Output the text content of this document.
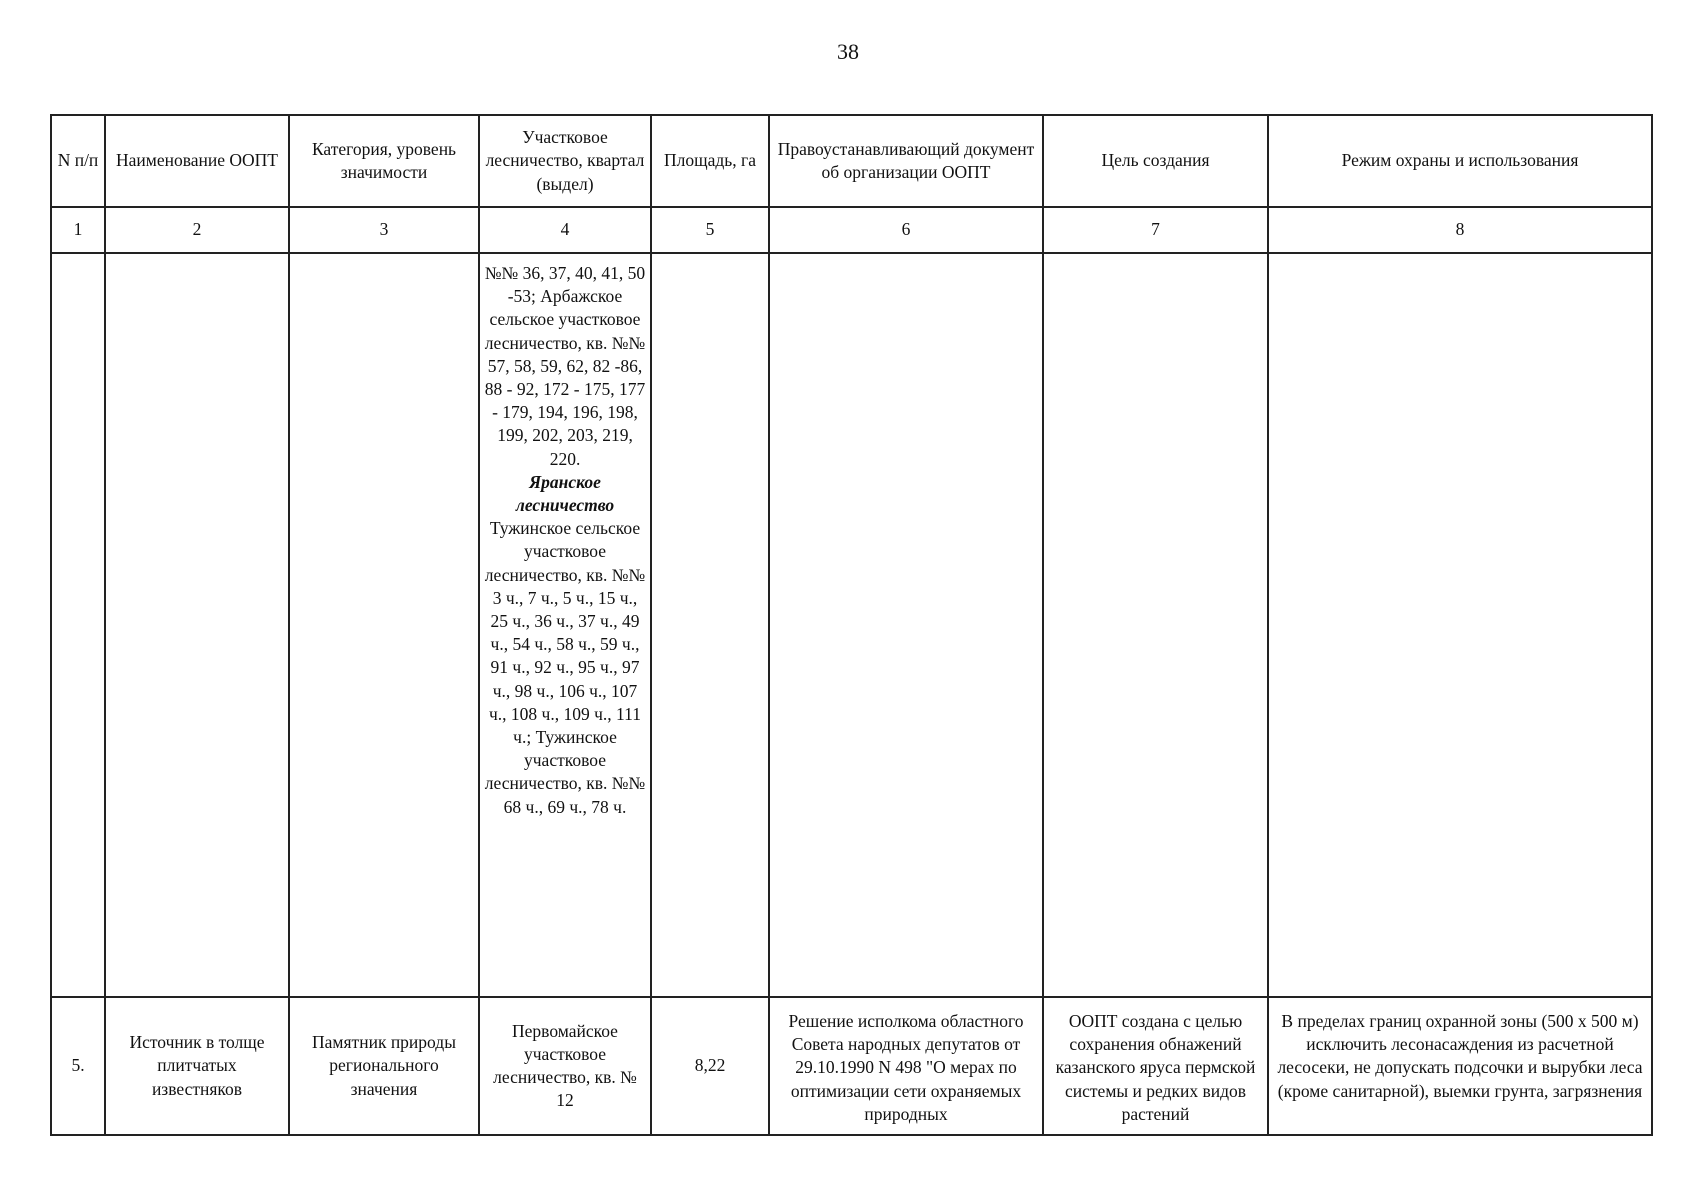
38
N п/п	Наименование ООПТ	Категория, уровень значимости	Участковое лесничество, квартал (выдел)	Площадь, га	Правоустанавливающий документ об организации ООПТ	Цель создания	Режим охраны и использования
1	2	3	4	5	6	7	8

			№№ 36, 37, 40, 41, 50 -53; Арбажское сельское участковое лесничество, кв. №№ 57, 58, 59, 62, 82 -86, 88 - 92, 172 - 175, 177 - 179, 194, 196, 198, 199, 202, 203, 219, 220.
Яранское лесничество
Тужинское сельское участковое лесничество, кв. №№ 3 ч., 7 ч., 5 ч., 15 ч., 25 ч., 36 ч., 37 ч., 49 ч., 54 ч., 58 ч., 59 ч., 91 ч., 92 ч., 95 ч., 97 ч., 98 ч., 106 ч., 107 ч., 108 ч., 109 ч., 111 ч.; Тужинское участковое лесничество, кв. №№ 68 ч., 69 ч., 78 ч.				

5.	Источник в толще плитчатых известняков	Памятник природы регионального значения	Первомайское участковое лесничество, кв. № 12	8,22	Решение исполкома областного Совета народных депутатов от 29.10.1990 N 498 "О мерах по оптимизации сети охраняемых природных	ООПТ создана с целью сохранения обнажений казанского яруса пермской системы и редких видов растений	В пределах границ охранной зоны (500 х 500 м) исключить лесонасаждения из расчетной лесосеки, не допускать подсочки и вырубки леса (кроме санитарной), выемки грунта, загрязнения
